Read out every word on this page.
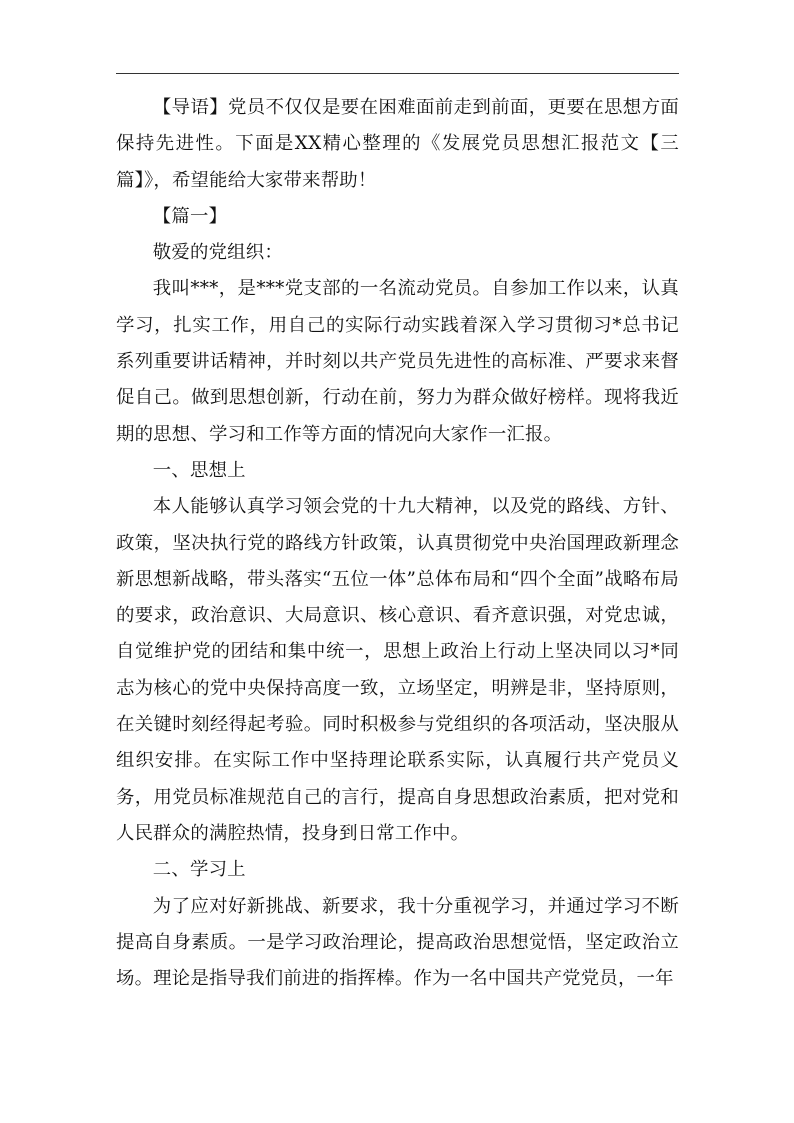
【导语】党员不仅仅是要在困难面前走到前面，更要在思想方面保持先进性。下面是XX精心整理的《发展党员思想汇报范文【三篇】》，希望能给大家带来帮助！

【篇一】

敬爱的党组织：

我叫***，是***党支部的一名流动党员。自参加工作以来，认真学习，扎实工作，用自己的实际行动实践着深入学习贯彻习*总书记系列重要讲话精神，并时刻以共产党员先进性的高标准、严要求来督促自己。做到思想创新，行动在前，努力为群众做好榜样。现将我近期的思想、学习和工作等方面的情况向大家作一汇报。

一、思想上

本人能够认真学习领会党的十九大精神，以及党的路线、方针、政策，坚决执行党的路线方针政策，认真贯彻党中央治国理政新理念新思想新战略，带头落实“五位一体”总体布局和“四个全面”战略布局的要求，政治意识、大局意识、核心意识、看齐意识强，对党忠诚，自觉维护党的团结和集中统一，思想上政治上行动上坚决同以习*同志为核心的党中央保持高度一致，立场坚定，明辨是非，坚持原则，在关键时刻经得起考验。同时积极参与党组织的各项活动，坚决服从组织安排。在实际工作中坚持理论联系实际，认真履行共产党员义务，用党员标准规范自己的言行，提高自身思想政治素质，把对党和人民群众的满腔热情，投身到日常工作中。

二、学习上

为了应对好新挑战、新要求，我十分重视学习，并通过学习不断提高自身素质。一是学习政治理论，提高政治思想觉悟，坚定政治立场。理论是指导我们前进的指挥棒。作为一名中国共产党党员，一年
